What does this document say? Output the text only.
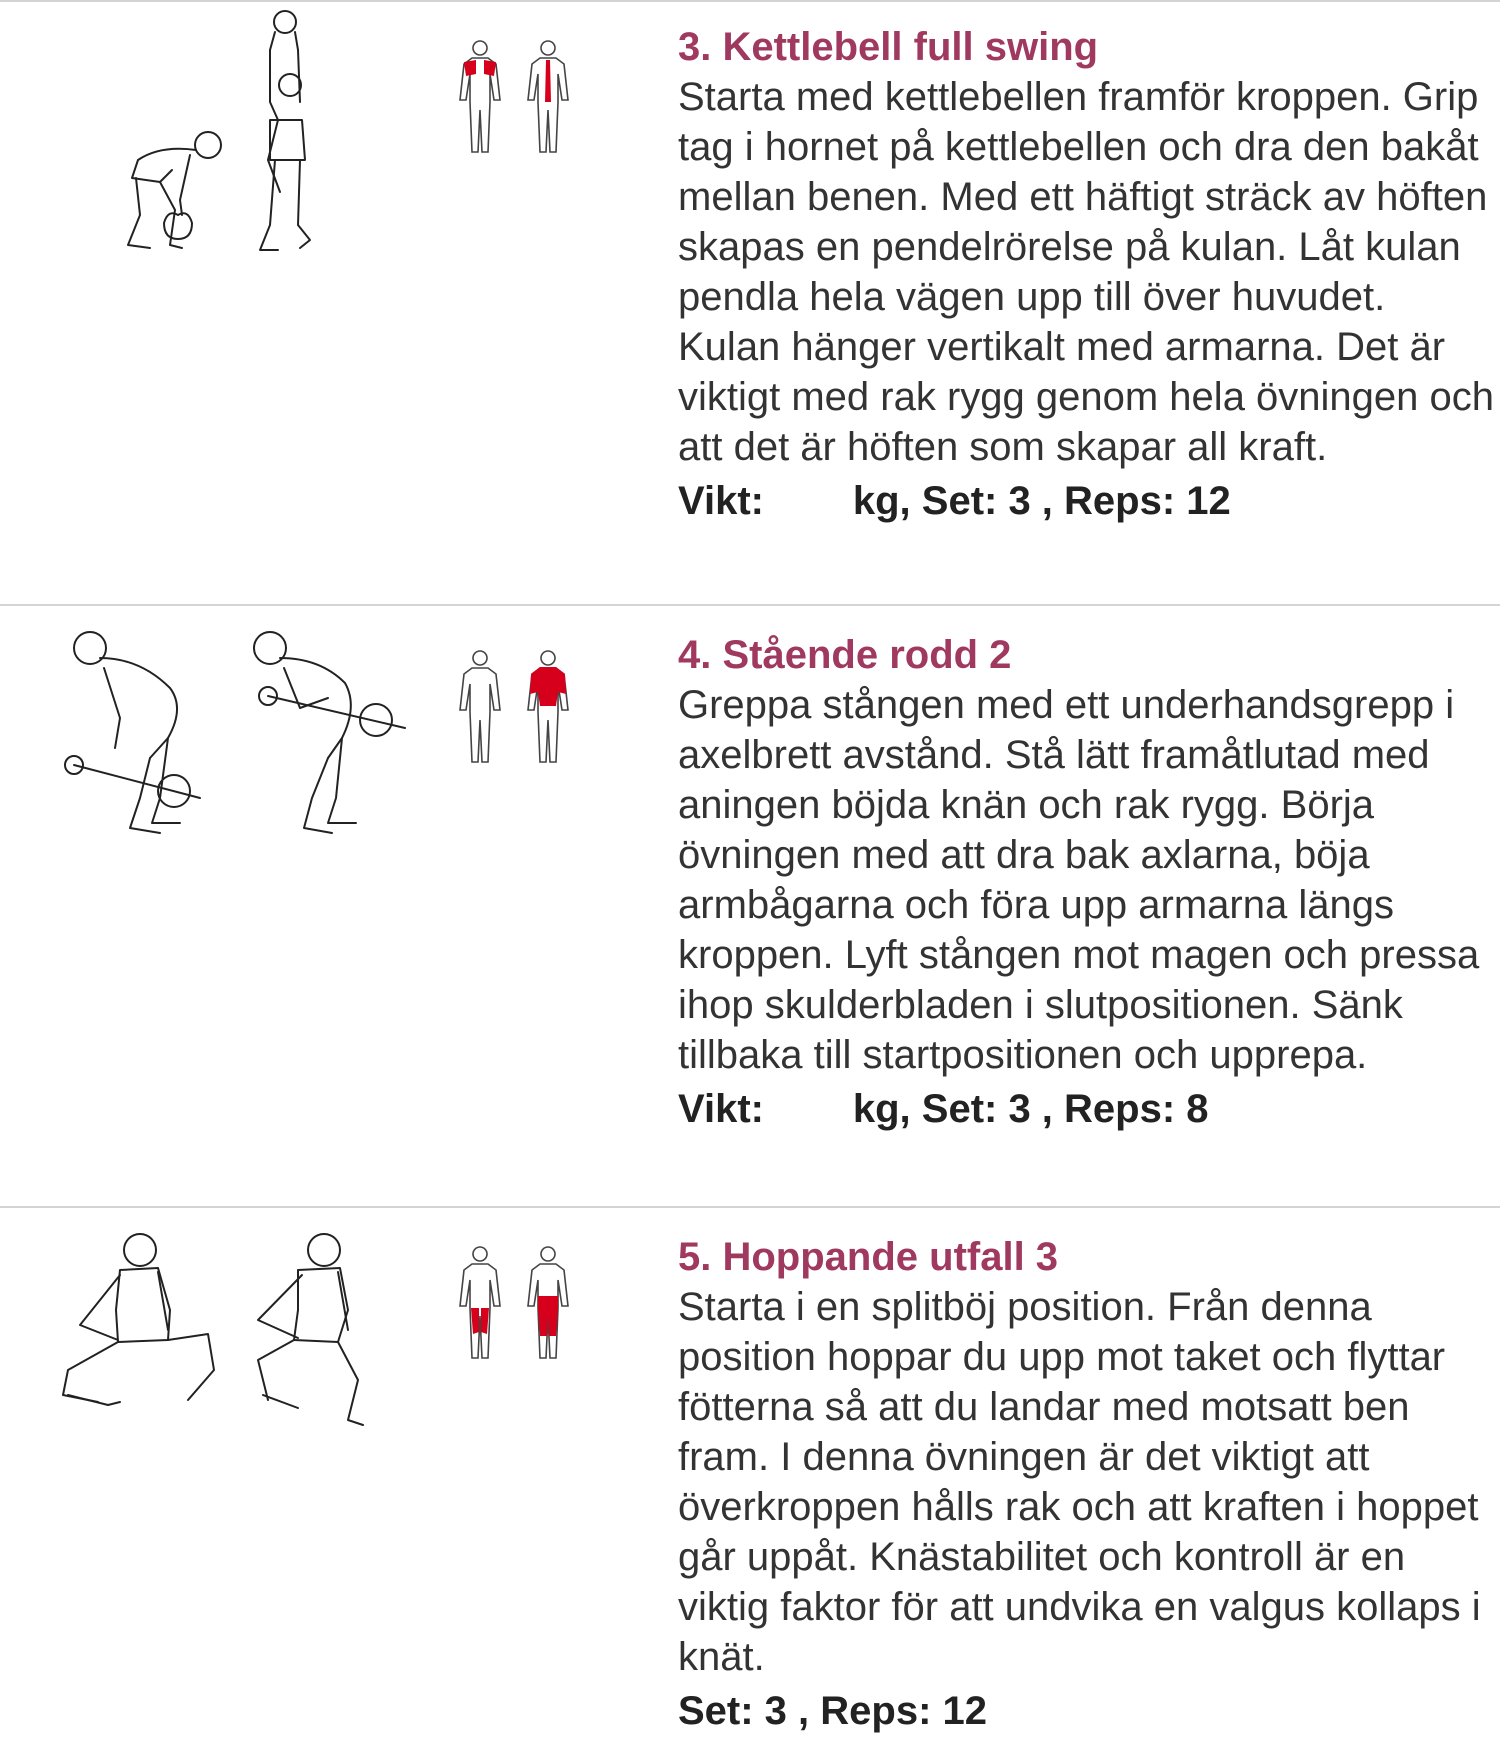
3. Kettlebell full swing

Starta med kettlebellen framför kroppen. Grip tag i hornet på kettlebellen och dra den bakåt mellan benen. Med ett häftigt sträck av höften skapas en pendelrörelse på kulan. Låt kulan pendla hela vägen upp till över huvudet. Kulan hänger vertikalt med armarna. Det är viktigt med rak rygg genom hela övningen och att det är höften som skapar all kraft.

Vikt:        kg, Set: 3 , Reps: 12

4. Stående rodd 2

Greppa stången med ett underhandsgrepp i axelbrett avstånd. Stå lätt framåtlutad med aningen böjda knän och rak rygg. Börja övningen med att dra bak axlarna, böja armbågarna och föra upp armarna längs kroppen. Lyft stången mot magen och pressa ihop skulderbladen i slutpositionen. Sänk tillbaka till startpositionen och upprepa.

Vikt:        kg, Set: 3 , Reps: 8

5. Hoppande utfall 3

Starta i en splitböj position. Från denna position hoppar du upp mot taket och flyttar fötterna så att du landar med motsatt ben fram. I denna övningen är det viktigt att överkroppen hålls rak och att kraften i hoppet går uppåt. Knästabilitet och kontroll är en viktig faktor för att undvika en valgus kollaps i knät.

Set: 3 , Reps: 12
